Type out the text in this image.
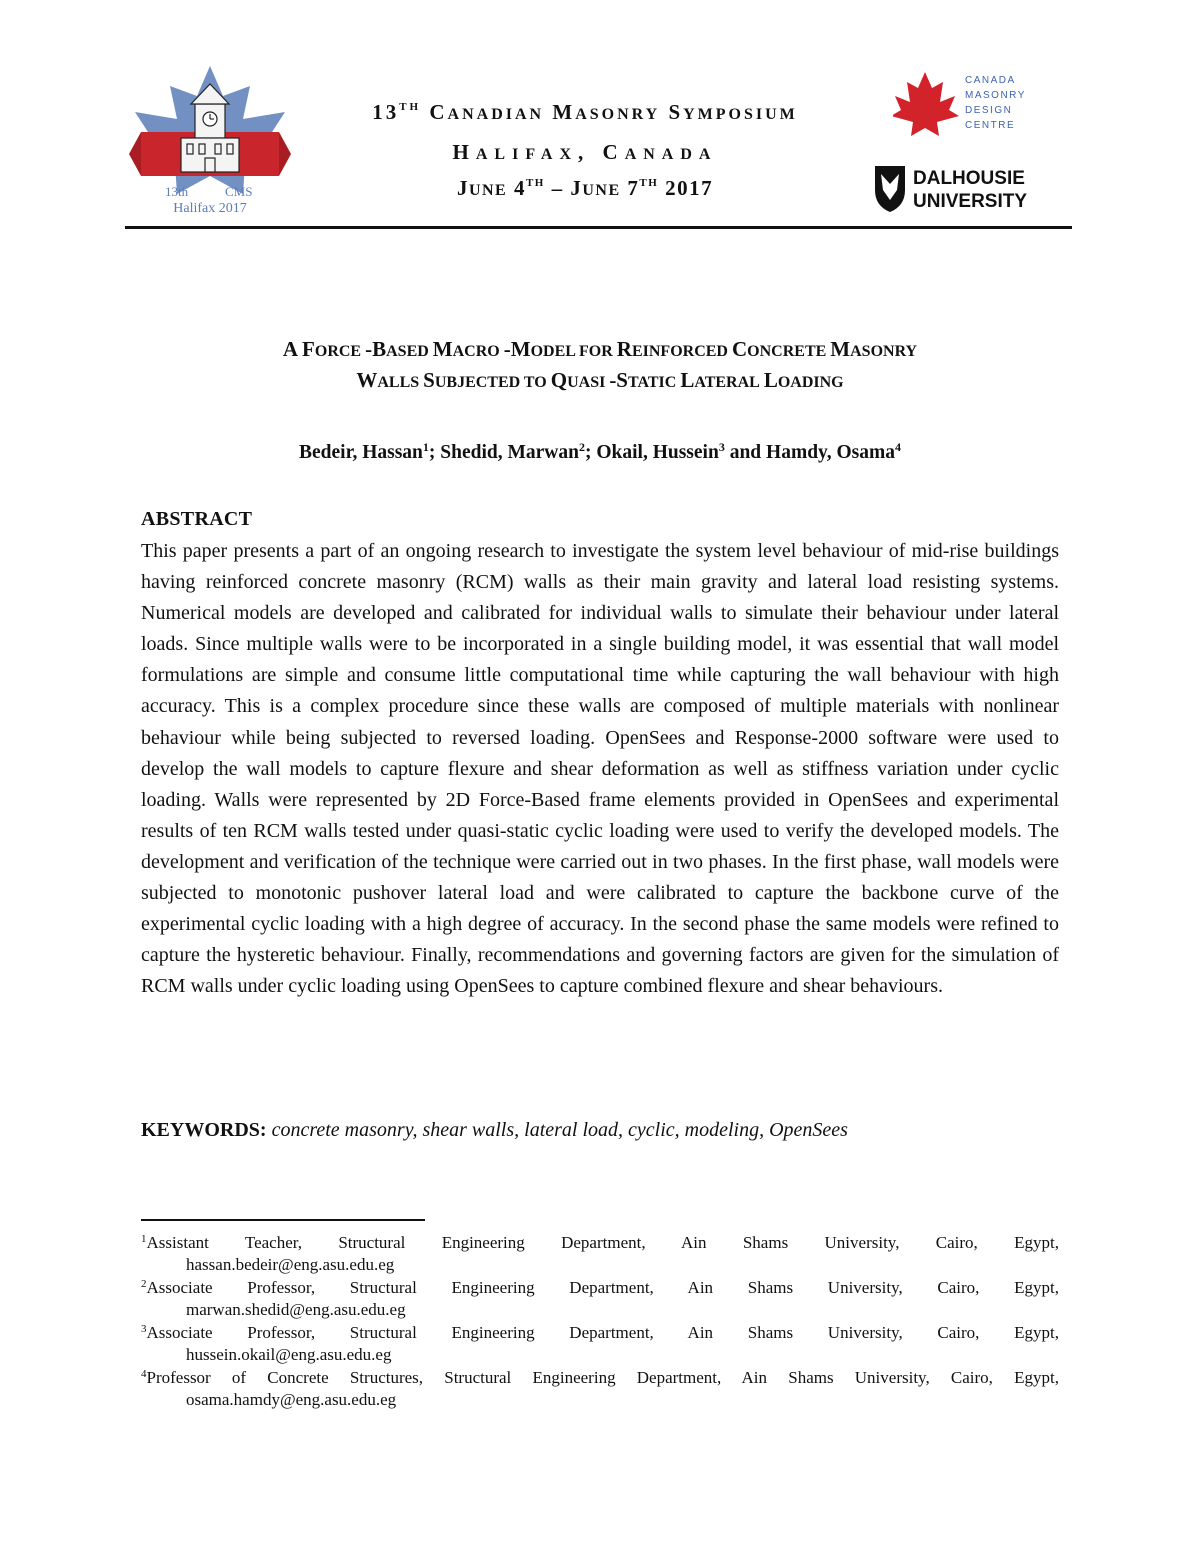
13th	CMS
Halifax 2017
13TH CANADIAN MASONRY SYMPOSIUM
HALIFAX, CANADA
JUNE 4TH – JUNE 7TH 2017
CANADA
MASONRY
DESIGN
CENTRE
DALHOUSIE
UNIVERSITY
A FORCE -BASED MACRO -MODEL FOR REINFORCED CONCRETE MASONRY
WALLS SUBJECTED TO QUASI -STATIC LATERAL LOADING
Bedeir, Hassan$^1$; Shedid, Marwan$^2$; Okail, Hussein$^3$ and Hamdy, Osama$^4$
ABSTRACT
This paper presents a part of an ongoing research to investigate the system level behaviour of mid-rise buildings having reinforced concrete masonry (RCM) walls as their main gravity and lateral load resisting systems. Numerical models are developed and calibrated for individual walls to simulate their behaviour under lateral loads. Since multiple walls were to be incorporated in a single building model, it was essential that wall model formulations are simple and consume little computational time while capturing the wall behaviour with high accuracy. This is a complex procedure since these walls are composed of multiple materials with nonlinear behaviour while being subjected to reversed loading. OpenSees and Response-2000 software were used to develop the wall models to capture flexure and shear deformation as well as stiffness variation under cyclic loading. Walls were represented by 2D Force-Based frame elements provided in OpenSees and experimental results of ten RCM walls tested under quasi-static cyclic loading were used to verify the developed models. The development and verification of the technique were carried out in two phases. In the first phase, wall models were subjected to monotonic pushover lateral load and were calibrated to capture the backbone curve of the experimental cyclic loading with a high degree of accuracy. In the second phase the same models were refined to capture the hysteretic behaviour. Finally, recommendations and governing factors are given for the simulation of RCM walls under cyclic loading using OpenSees to capture combined flexure and shear behaviours.
KEYWORDS: concrete masonry, shear walls, lateral load, cyclic, modeling, OpenSees
$^1$Assistant Teacher, Structural Engineering Department, Ain Shams University, Cairo, Egypt,
hassan.bedeir@eng.asu.edu.eg
$^2$Associate Professor, Structural Engineering Department, Ain Shams University, Cairo, Egypt,
marwan.shedid@eng.asu.edu.eg
$^3$Associate Professor, Structural Engineering Department, Ain Shams University, Cairo, Egypt,
hussein.okail@eng.asu.edu.eg
$^4$Professor of Concrete Structures, Structural Engineering Department, Ain Shams University, Cairo, Egypt,
osama.hamdy@eng.asu.edu.eg
